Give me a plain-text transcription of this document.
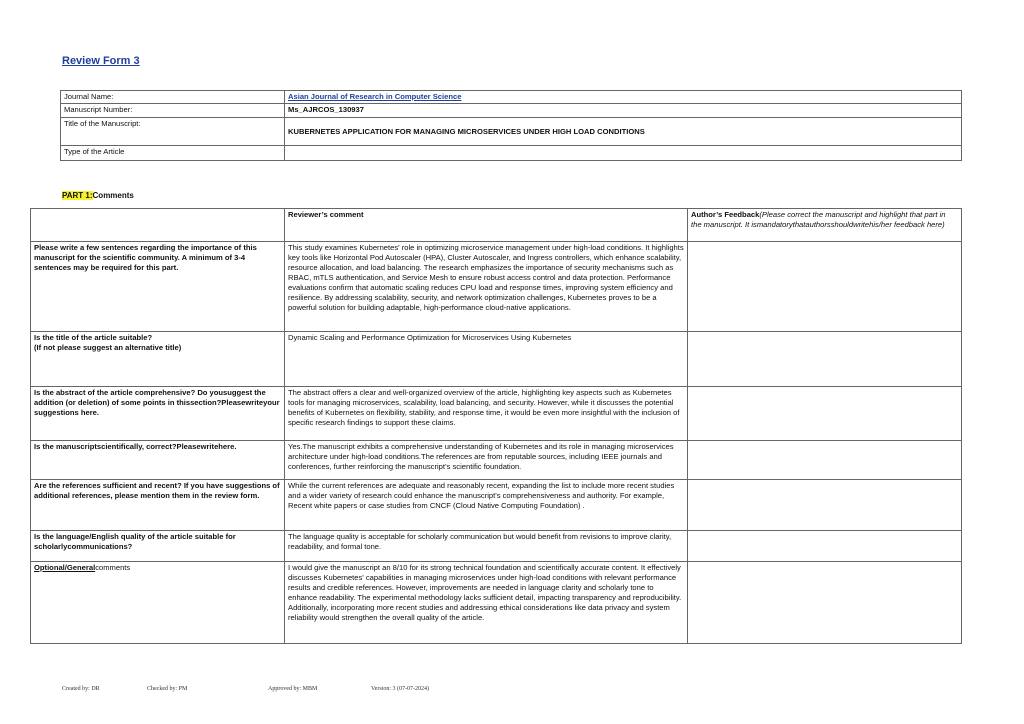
Review Form 3
Journal Name:	Asian Journal of Research in Computer Science
Manuscript Number:	Ms_AJRCOS_130937
Title of the Manuscript:	KUBERNETES APPLICATION FOR MANAGING MICROSERVICES UNDER HIGH LOAD CONDITIONS
Type of the Article	
PART 1:Comments
	Reviewer’s comment	Author’s Feedback(Please correct the manuscript and highlight that part in the manuscript. It ismandatorythatauthorsshouldwritehis/her feedback here)
Please write a few sentences regarding the importance of this manuscript for the scientific community. A minimum of 3-4 sentences may be required for this part.	This study examines Kubernetes' role in optimizing microservice management under high-load conditions. It highlights key tools like Horizontal Pod Autoscaler (HPA), Cluster Autoscaler, and Ingress controllers, which enhance scalability, resource allocation, and load balancing. The research emphasizes the importance of security mechanisms such as RBAC, mTLS authentication, and Service Mesh to ensure robust access control and data protection. Performance evaluations confirm that automatic scaling reduces CPU load and response times, improving system efficiency and resilience. By addressing scalability, security, and network optimization challenges, Kubernetes proves to be a powerful solution for building adaptable, high-performance cloud-native applications.	
Is the title of the article suitable?
(If not please suggest an alternative title)	Dynamic Scaling and Performance Optimization for Microservices Using Kubernetes	
Is the abstract of the article comprehensive? Do yousuggest the addition (or deletion) of some points in thissection?Pleasewriteyour suggestions here.	The abstract offers a clear and well-organized overview of the article, highlighting key aspects such as Kubernetes tools for managing microservices, scalability, load balancing, and security. However, while it discusses the potential benefits of Kubernetes on flexibility, stability, and response time, it would be even more insightful with the inclusion of specific research findings to support these claims.	
Is the manuscriptscientifically, correct?Pleasewritehere.	Yes.The manuscript exhibits a comprehensive understanding of Kubernetes and its role in managing microservices architecture under high-load conditions.The references are from reputable sources, including IEEE journals and conferences, further reinforcing the manuscript’s scientific foundation.	
Are the references sufficient and recent? If you have suggestions of additional references, please mention them in the review form.	While the current references are adequate and reasonably recent, expanding the list to include more recent studies and a wider variety of research could enhance the manuscript's comprehensiveness and authority. For example, Recent white papers or case studies from CNCF (Cloud Native Computing Foundation) .	
Is the language/English quality of the article suitable for scholarlycommunications?	The language quality is acceptable for scholarly communication but would benefit from revisions to improve clarity, readability, and formal tone.	
Optional/Generalcomments	I would give the manuscript an 8/10 for its strong technical foundation and scientifically accurate content. It effectively discusses Kubernetes' capabilities in managing microservices under high-load conditions with relevant performance results and credible references. However, improvements are needed in language clarity and scholarly tone to enhance readability. The experimental methodology lacks sufficient detail, impacting transparency and reproducibility. Additionally, incorporating more recent studies and addressing ethical considerations like data privacy and system reliability would strengthen the overall quality of the article.	
Created by: DR	Checked by: PM	Approved by: MBM	Version: 3 (07-07-2024)
